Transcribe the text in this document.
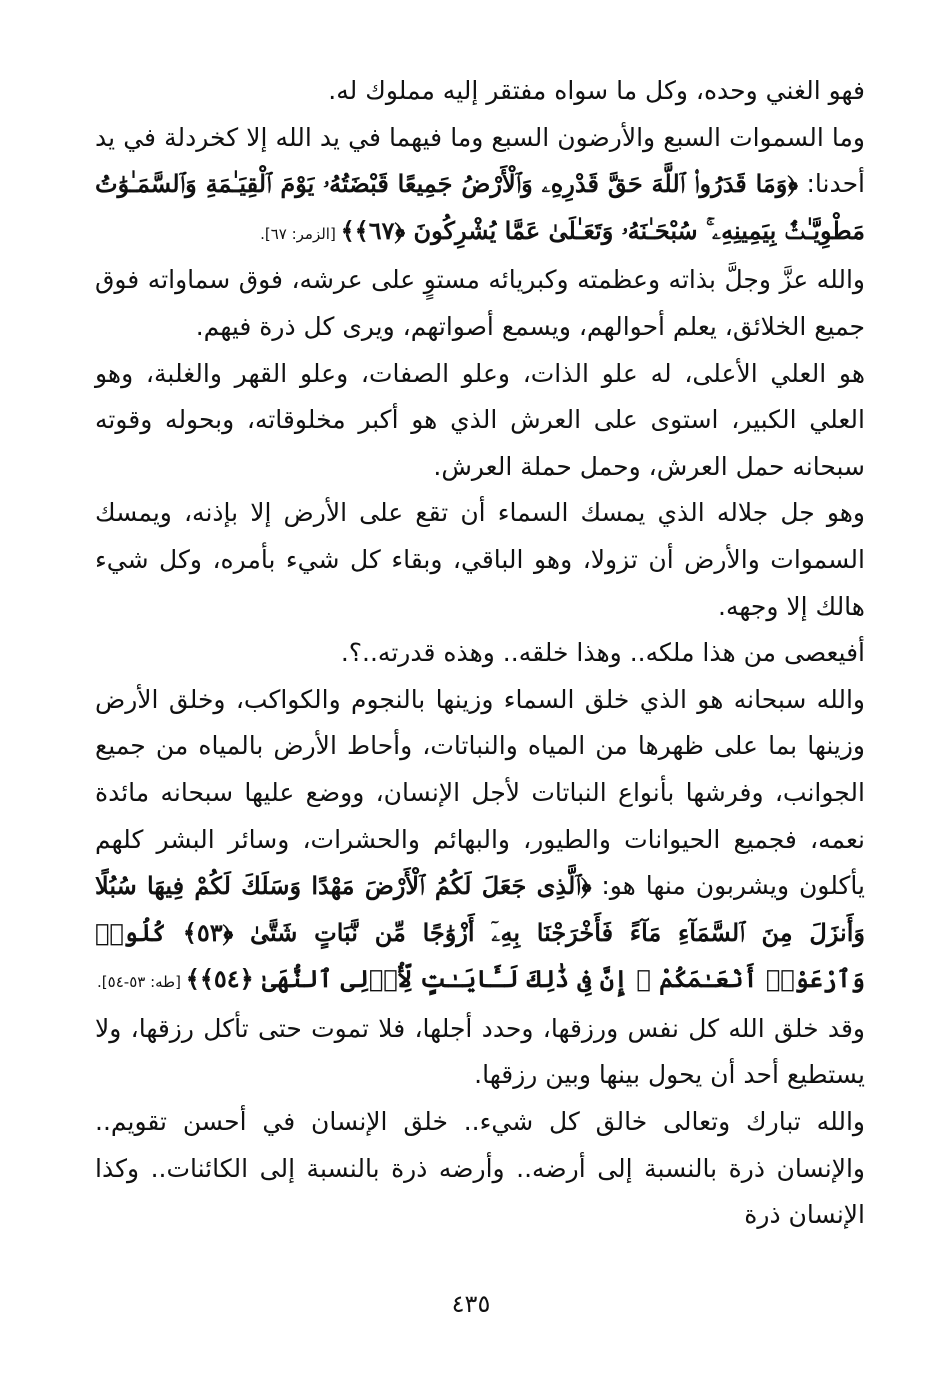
فهو الغني وحده، وكل ما سواه مفتقر إليه مملوك له.

وما السموات السبع والأرضون السبع وما فيهما في يد الله إلا كخردلة في يد أحدنا: ﴿وَمَا قَدَرُوا۟ ٱللَّهَ حَقَّ قَدْرِهِۦ وَٱلْأَرْضُ جَمِيعًا قَبْضَتُهُۥ يَوْمَ ٱلْقِيَـٰمَةِ وَٱلسَّمَـٰوَٰتُ مَطْوِيَّـٰتٌۢ بِيَمِينِهِۦ ۚ سُبْحَـٰنَهُۥ وَتَعَـٰلَىٰ عَمَّا يُشْرِكُونَ ﴿٦٧﴾﴾ [الزمر: ٦٧].

والله عزَّ وجلَّ بذاته وعظمته وكبريائه مستوٍ على عرشه، فوق سماواته فوق جميع الخلائق، يعلم أحوالهم، ويسمع أصواتهم، ويرى كل ذرة فيهم.

هو العلي الأعلى، له علو الذات، وعلو الصفات، وعلو القهر والغلبة، وهو العلي الكبير، استوى على العرش الذي هو أكبر مخلوقاته، وبحوله وقوته سبحانه حمل العرش، وحمل حملة العرش.

وهو جل جلاله الذي يمسك السماء أن تقع على الأرض إلا بإذنه، ويمسك السموات والأرض أن تزولا، وهو الباقي، وبقاء كل شيء بأمره، وكل شيء هالك إلا وجهه.

أفيعصى من هذا ملكه.. وهذا خلقه.. وهذه قدرته..؟.

والله سبحانه هو الذي خلق السماء وزينها بالنجوم والكواكب، وخلق الأرض وزينها بما على ظهرها من المياه والنباتات، وأحاط الأرض بالمياه من جميع الجوانب، وفرشها بأنواع النباتات لأجل الإنسان، ووضع عليها سبحانه مائدة نعمه، فجميع الحيوانات والطيور، والبهائم والحشرات، وسائر البشر كلهم يأكلون ويشربون منها هو: ﴿ٱلَّذِى جَعَلَ لَكُمُ ٱلْأَرْضَ مَهْدًا وَسَلَكَ لَكُمْ فِيهَا سُبُلًا وَأَنزَلَ مِنَ ٱلسَّمَآءِ مَآءً فَأَخْرَجْنَا بِهِۦٓ أَزْوَٰجًا مِّن نَّبَاتٍ شَتَّىٰ ﴿٥٣﴾ كُلُوا۟ وَٱرْعَوْا۟ أَنْعَـٰمَكُمْ ۗ إِنَّ فِى ذَٰلِكَ لَـَٔايَـٰتٍ لِّأُو۟لِى ٱلنُّهَىٰ ﴿٥٤﴾﴾ [طه: ٥٣-٥٤].

وقد خلق الله كل نفس ورزقها، وحدد أجلها، فلا تموت حتى تأكل رزقها، ولا يستطيع أحد أن يحول بينها وبين رزقها.

والله تبارك وتعالى خالق كل شيء.. خلق الإنسان في أحسن تقويم.. والإنسان ذرة بالنسبة إلى أرضه.. وأرضه ذرة بالنسبة إلى الكائنات.. وكذا الإنسان ذرة

٤٣٥
